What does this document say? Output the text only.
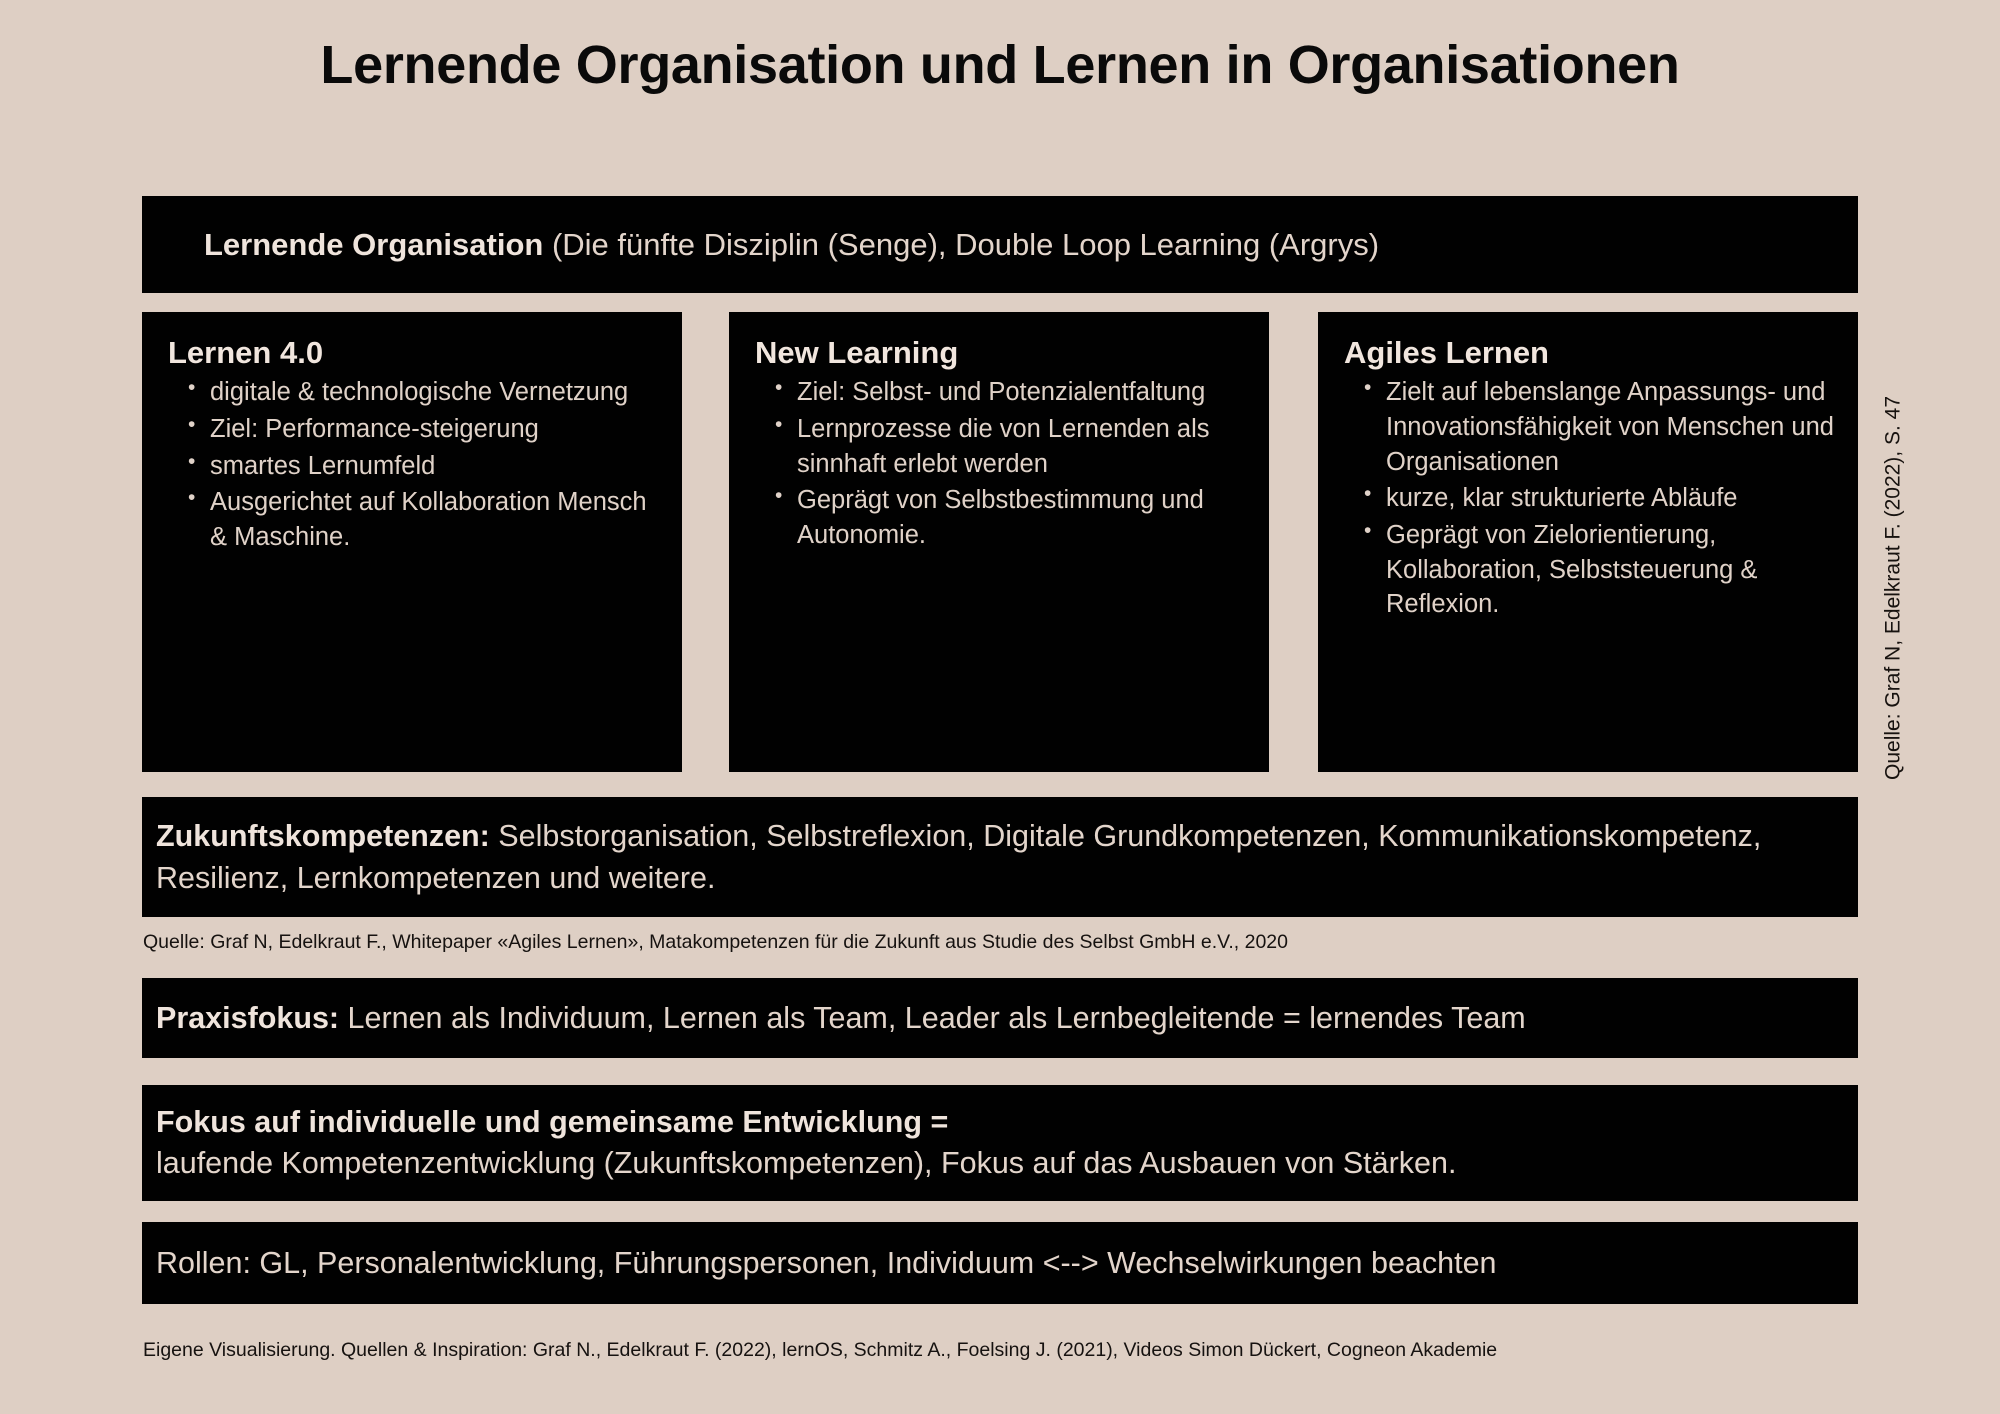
Lernende Organisation und Lernen in Organisationen
Lernende Organisation (Die fünfte Disziplin (Senge), Double Loop Learning (Argrys)
Lernen 4.0
• digitale & technologische Vernetzung
• Ziel: Performance-steigerung
• smartes Lernumfeld
• Ausgerichtet auf Kollaboration Mensch & Maschine.
New Learning
• Ziel: Selbst- und Potenzialentfaltung
• Lernprozesse die von Lernenden als sinnhaft erlebt werden
• Geprägt von Selbstbestimmung und Autonomie.
Agiles Lernen
• Zielt auf lebenslange Anpassungs- und Innovationsfähigkeit von Menschen und Organisationen
• kurze, klar strukturierte Abläufe
• Geprägt von Zielorientierung, Kollaboration, Selbststeuerung & Reflexion.	Quelle: Graf N, Edelkraut F. (2022), S. 47
Zukunftskompetenzen: Selbstorganisation, Selbstreflexion, Digitale Grundkompetenzen, Kommunikationskompetenz, Resilienz, Lernkompetenzen und weitere.
Quelle: Graf N, Edelkraut F., Whitepaper «Agiles Lernen», Matakompetenzen für die Zukunft aus Studie des Selbst GmbH e.V., 2020
Praxisfokus: Lernen als Individuum, Lernen als Team, Leader als Lernbegleitende = lernendes Team
Fokus auf individuelle und gemeinsame Entwicklung =
laufende Kompetenzentwicklung (Zukunftskompetenzen), Fokus auf das Ausbauen von Stärken.
Rollen: GL, Personalentwicklung, Führungspersonen, Individuum <--> Wechselwirkungen beachten
Eigene Visualisierung. Quellen & Inspiration: Graf N., Edelkraut F. (2022), lernOS, Schmitz A., Foelsing J. (2021), Videos Simon Dückert, Cogneon Akademie
